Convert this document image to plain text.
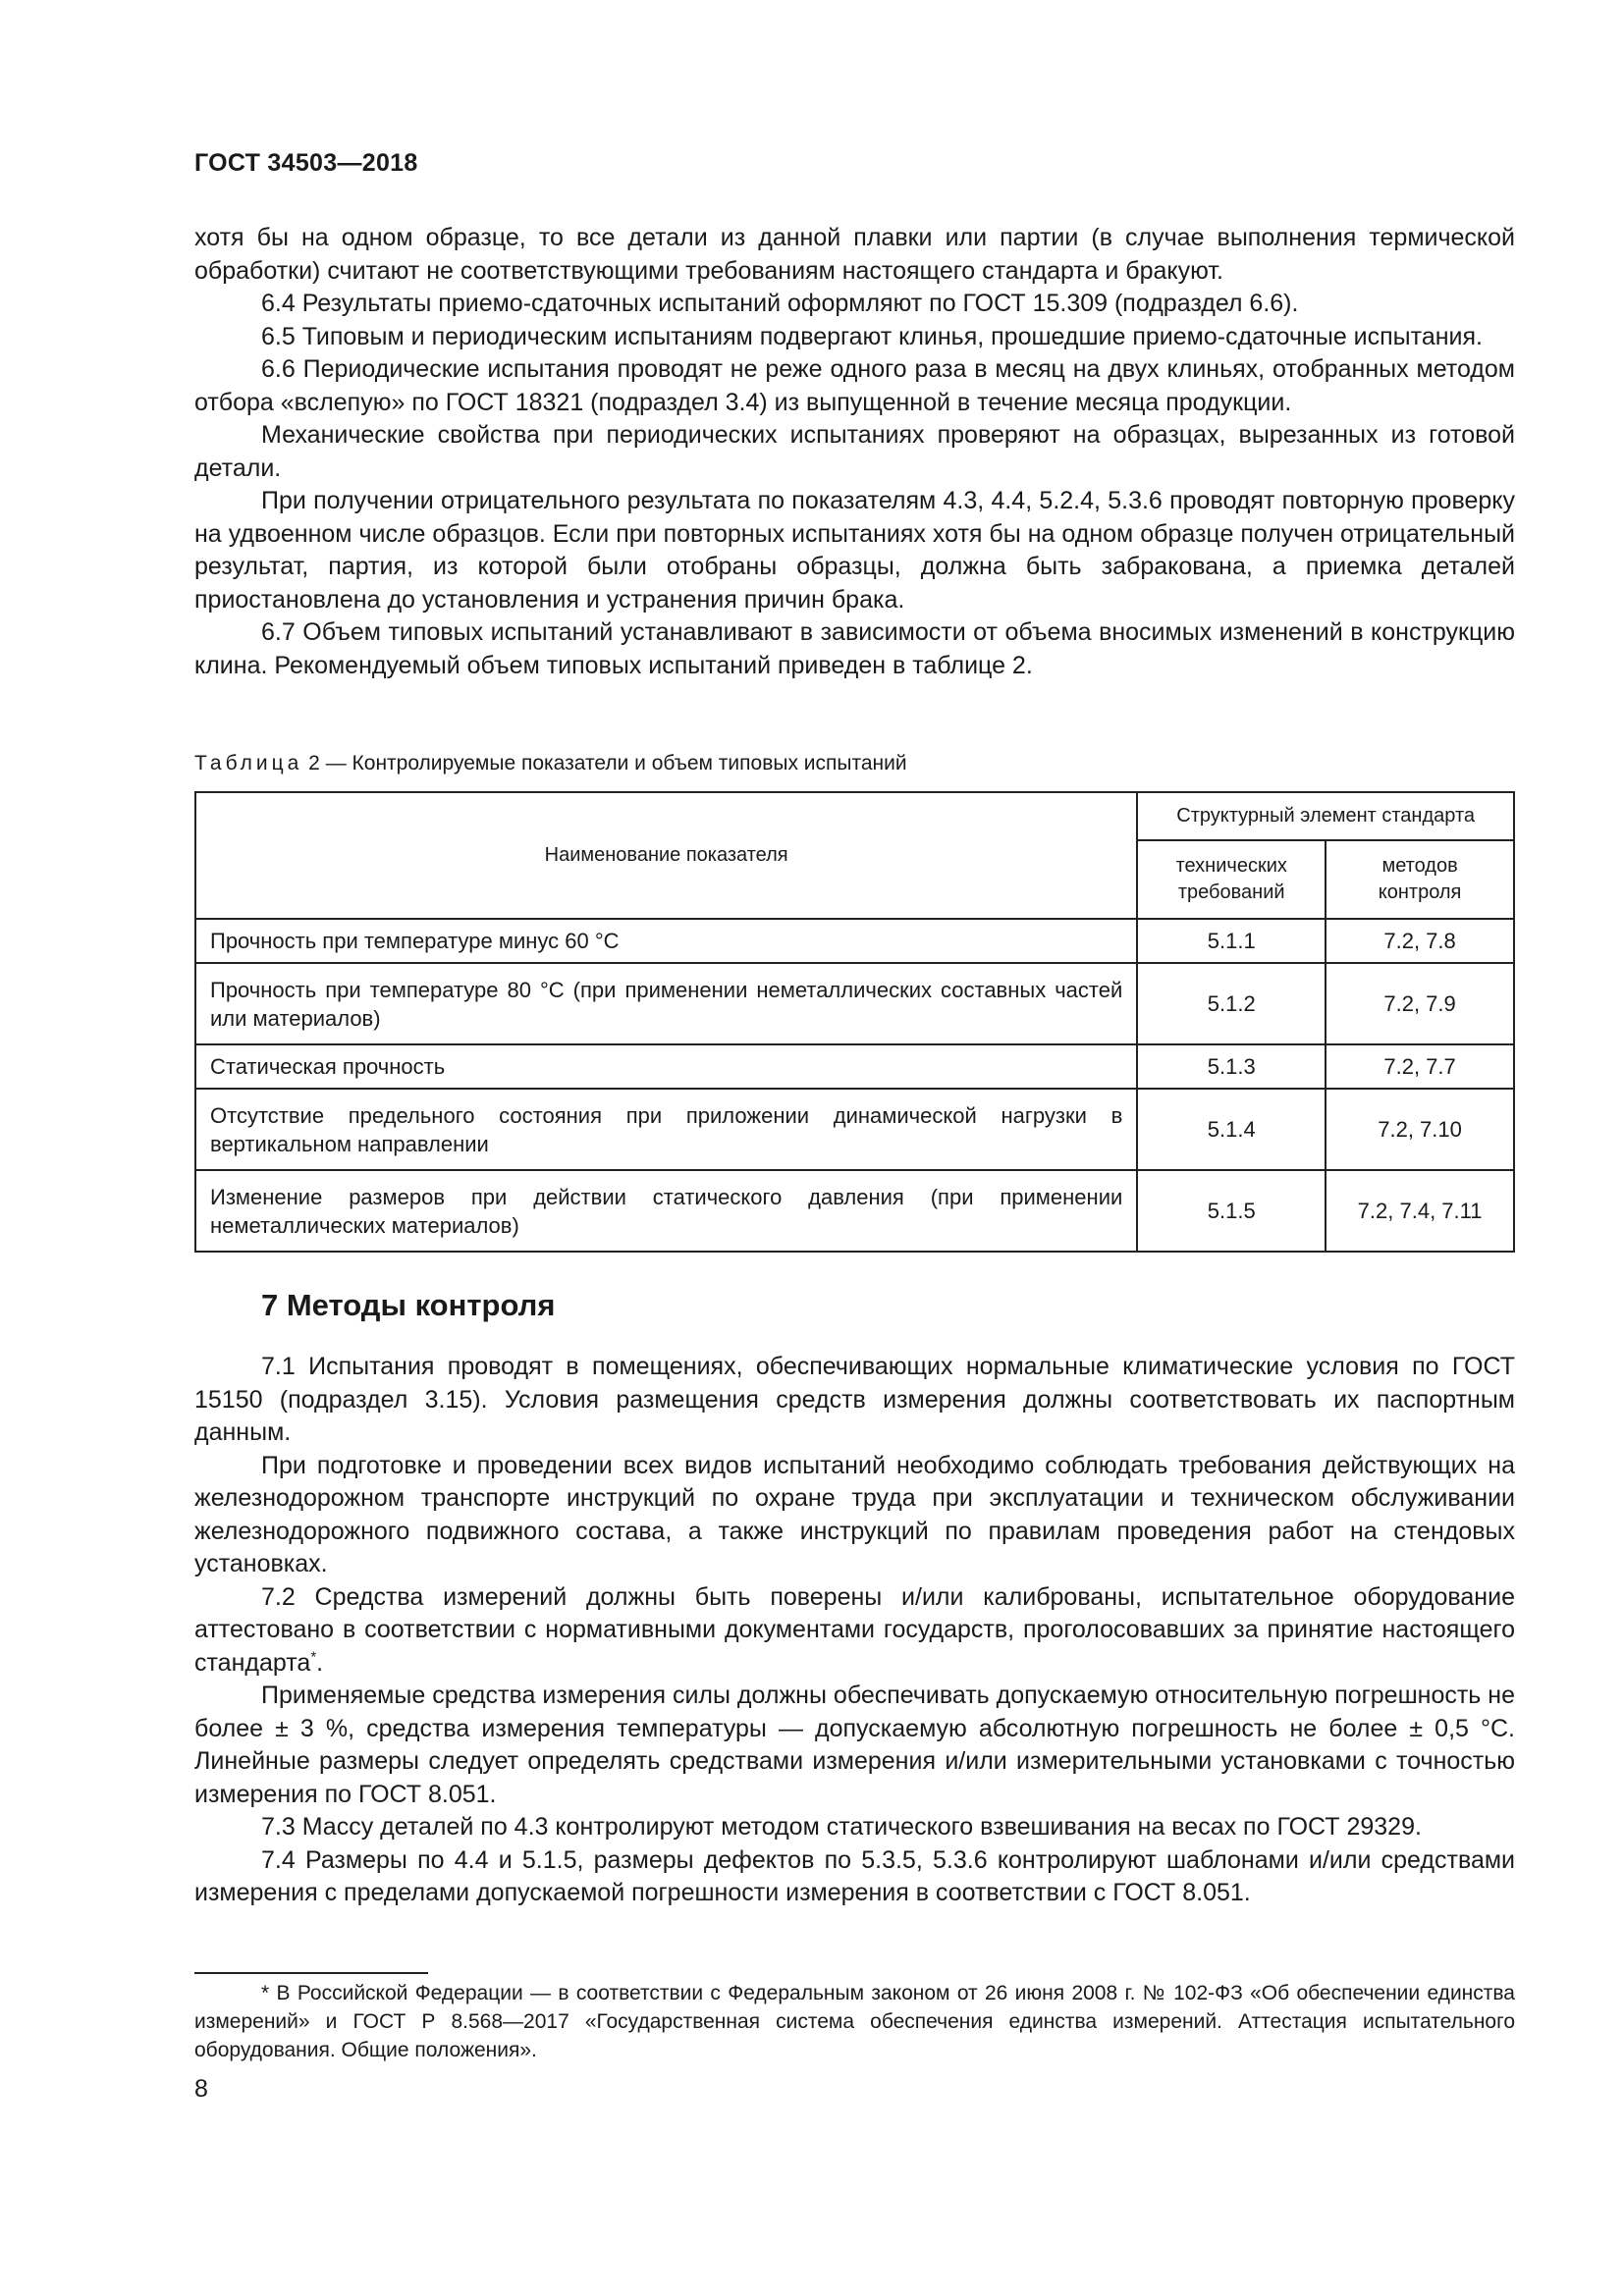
ГОСТ 34503—2018

хотя бы на одном образце, то все детали из данной плавки или партии (в случае выполнения термической обработки) считают не соответствующими требованиям настоящего стандарта и бракуют.

6.4 Результаты приемо-сдаточных испытаний оформляют по ГОСТ 15.309 (подраздел 6.6).

6.5 Типовым и периодическим испытаниям подвергают клинья, прошедшие приемо-сдаточные испытания.

6.6 Периодические испытания проводят не реже одного раза в месяц на двух клиньях, отобранных методом отбора «вслепую» по ГОСТ 18321 (подраздел 3.4) из выпущенной в течение месяца продукции.

Механические свойства при периодических испытаниях проверяют на образцах, вырезанных из готовой детали.

При получении отрицательного результата по показателям 4.3, 4.4, 5.2.4, 5.3.6 проводят повторную проверку на удвоенном числе образцов. Если при повторных испытаниях хотя бы на одном образце получен отрицательный результат, партия, из которой были отобраны образцы, должна быть забракована, а приемка деталей приостановлена до установления и устранения причин брака.

6.7 Объем типовых испытаний устанавливают в зависимости от объема вносимых изменений в конструкцию клина. Рекомендуемый объем типовых испытаний приведен в таблице 2.

Таблица 2 — Контролируемые показатели и объем типовых испытаний
Наименование показателя	Структурный элемент стандарта	
	технических требований	методов контроля
Прочность при температуре минус 60 °С	5.1.1	7.2, 7.8
Прочность при температуре 80 °С (при применении неметаллических составных частей или материалов)	5.1.2	7.2, 7.9
Статическая прочность	5.1.3	7.2, 7.7
Отсутствие предельного состояния при приложении динамической нагрузки в вертикальном направлении	5.1.4	7.2, 7.10
Изменение размеров при действии статического давления (при применении неметаллических материалов)	5.1.5	7.2, 7.4, 7.11
7 Методы контроля

7.1 Испытания проводят в помещениях, обеспечивающих нормальные климатические условия по ГОСТ 15150 (подраздел 3.15). Условия размещения средств измерения должны соответствовать их паспортным данным.

При подготовке и проведении всех видов испытаний необходимо соблюдать требования действующих на железнодорожном транспорте инструкций по охране труда при эксплуатации и техническом обслуживании железнодорожного подвижного состава, а также инструкций по правилам проведения работ на стендовых установках.

7.2 Средства измерений должны быть поверены и/или калиброваны, испытательное оборудование аттестовано в соответствии с нормативными документами государств, проголосовавших за принятие настоящего стандарта*.

Применяемые средства измерения силы должны обеспечивать допускаемую относительную погрешность не более ± 3 %, средства измерения температуры — допускаемую абсолютную погрешность не более ± 0,5 °С. Линейные размеры следует определять средствами измерения и/или измерительными установками с точностью измерения по ГОСТ 8.051.

7.3 Массу деталей по 4.3 контролируют методом статического взвешивания на весах по ГОСТ 29329.

7.4 Размеры по 4.4 и 5.1.5, размеры дефектов по 5.3.5, 5.3.6 контролируют шаблонами и/или средствами измерения с пределами допускаемой погрешности измерения в соответствии с ГОСТ 8.051.

* В Российской Федерации — в соответствии с Федеральным законом от 26 июня 2008 г. № 102-ФЗ «Об обеспечении единства измерений» и ГОСТ Р 8.568—2017 «Государственная система обеспечения единства измерений. Аттестация испытательного оборудования. Общие положения».

8
